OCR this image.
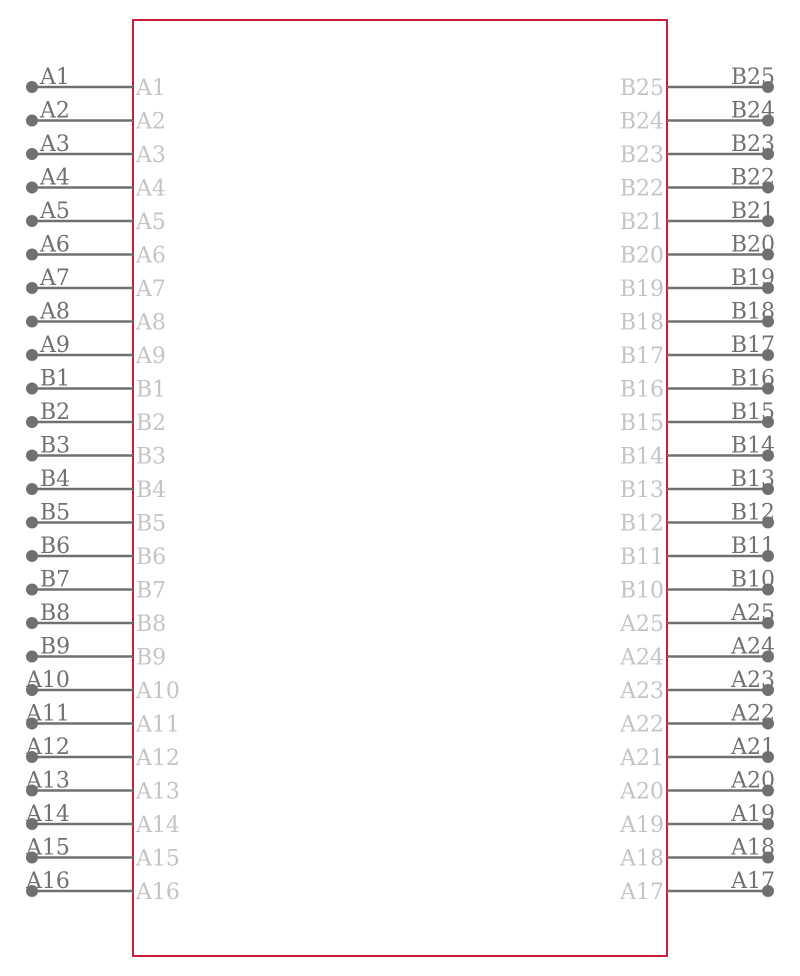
A1	A1
A2	A2
A3	A3
A4	A4
A5	A5
A6	A6
A7	A7
A8	A8
A9	A9
B1	B1
B2	B2
B3	B3
B4	B4
B5	B5
B6	B6
B7	B7
B8	B8
B9	B9
A10	A10
A11	A11
A12	A12
A13	A13
A14	A14
A15	A15
A16	A16
B25
B25
B24
B24
B23
B23
B22
B22
B21
B21
B20
B20
B19
B19
B18
B18
B17
B17
B16
B16
B15
B15
B14
B14
B13
B13
B12
B12
B11
B11
B10
B10
A25
A25
A24
A24
A23
A23
A22
A22
A21
A21
A20
A20
A19
A19
A18
A18
A17
A17
